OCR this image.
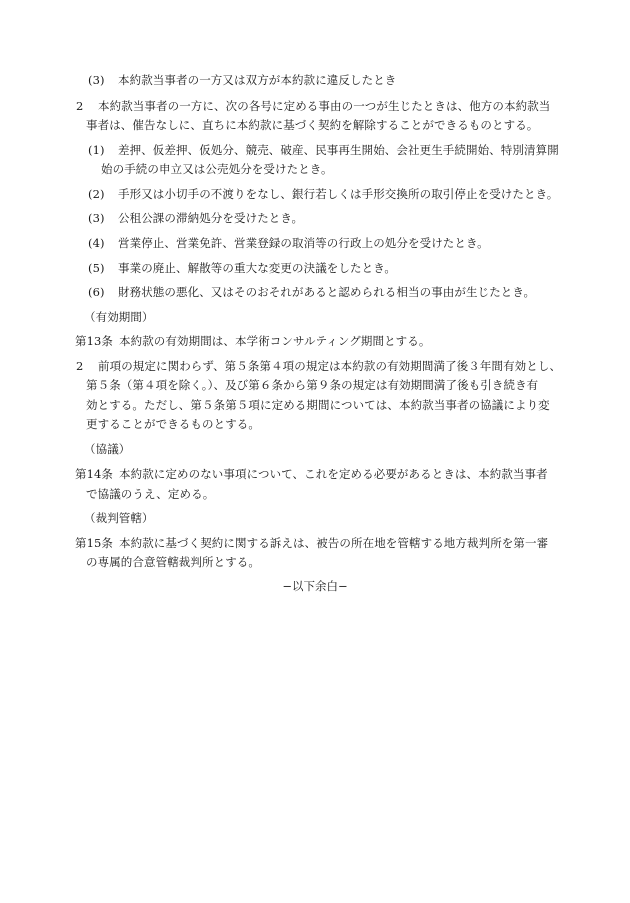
(3) 本約款当事者の一方又は双方が本約款に違反したとき
2 本約款当事者の一方に、次の各号に定める事由の一つが生じたときは、他方の本約款当
事者は、催告なしに、直ちに本約款に基づく契約を解除することができるものとする。
(1) 差押、仮差押、仮処分、競売、破産、民事再生開始、会社更生手続開始、特別清算開
始の手続の申立又は公売処分を受けたとき。
(2) 手形又は小切手の不渡りをなし、銀行若しくは手形交換所の取引停止を受けたとき。
(3) 公租公課の滞納処分を受けたとき。
(4) 営業停止、営業免許、営業登録の取消等の行政上の処分を受けたとき。
(5) 事業の廃止、解散等の重大な変更の決議をしたとき。
(6) 財務状態の悪化、又はそのおそれがあると認められる相当の事由が生じたとき。
（有効期間）
第13条 本約款の有効期間は、本学術コンサルティング期間とする。
2 前項の規定に関わらず、第５条第４項の規定は本約款の有効期間満了後３年間有効とし、
第５条（第４項を除く。）、及び第６条から第９条の規定は有効期間満了後も引き続き有
効とする。ただし、第５条第５項に定める期間については、本約款当事者の協議により変
更することができるものとする。
（協議）
第14条 本約款に定めのない事項について、これを定める必要があるときは、本約款当事者
で協議のうえ、定める。
（裁判管轄）
第15条 本約款に基づく契約に関する訴えは、被告の所在地を管轄する地方裁判所を第一審
の専属的合意管轄裁判所とする。
−以下余白−
